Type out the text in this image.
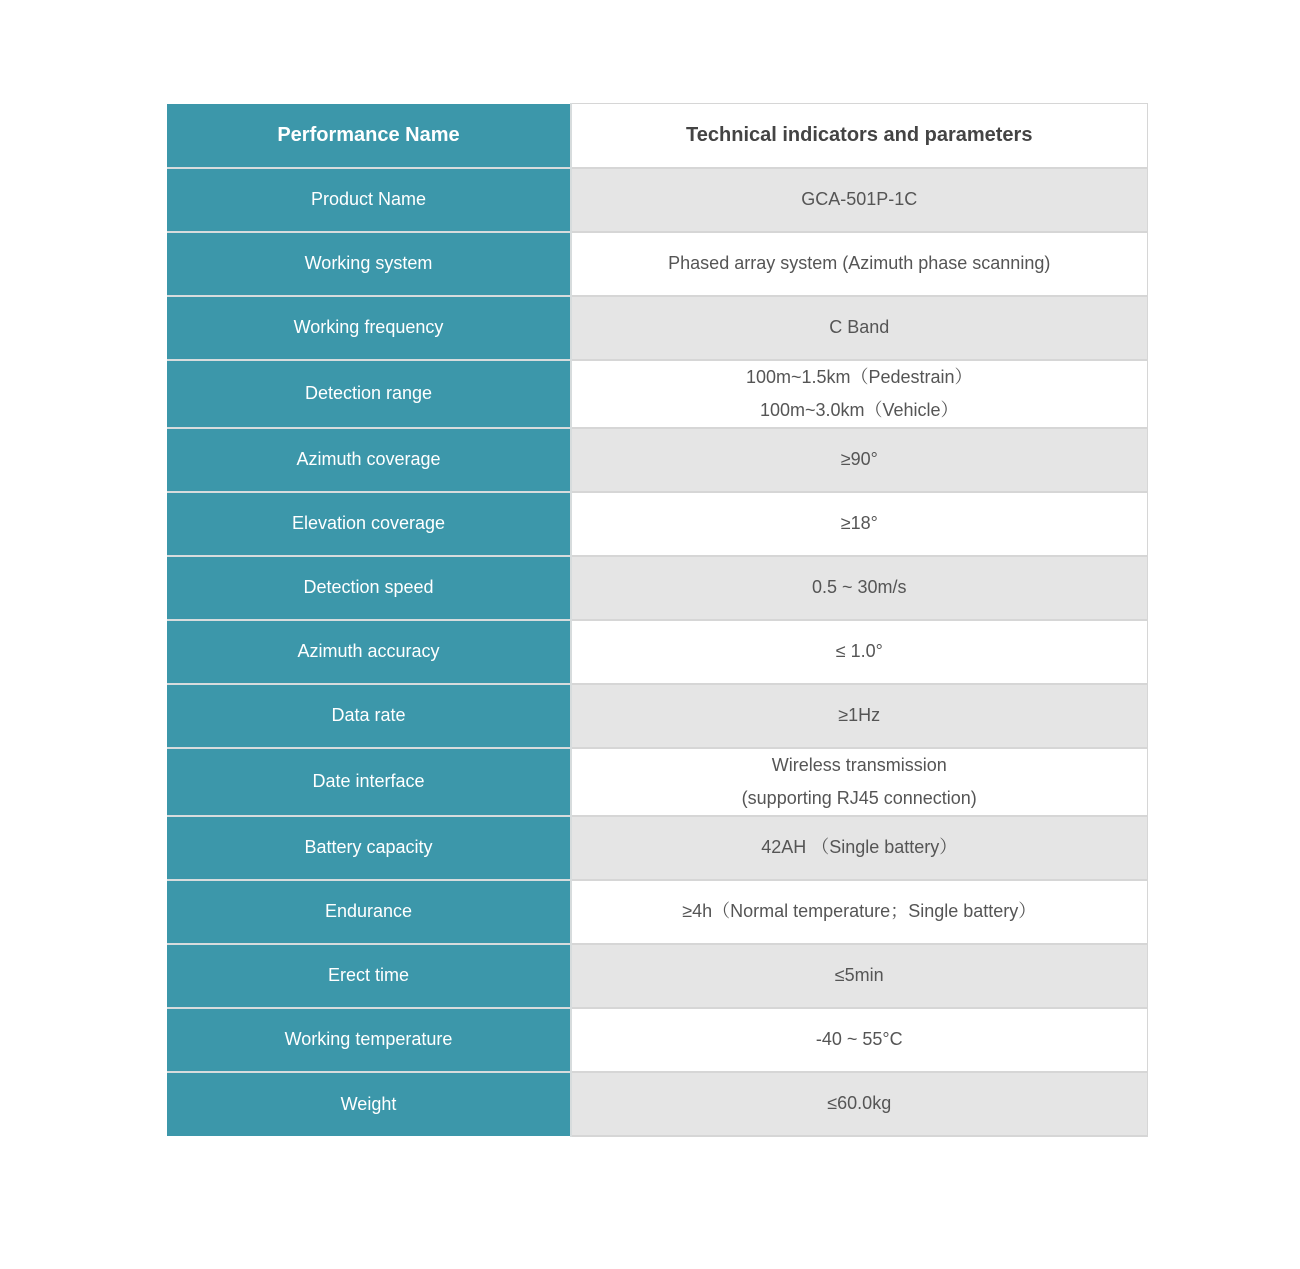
Performance Name	Technical indicators and parameters
Product Name	GCA-501P-1C

Working system	Phased array system (Azimuth phase scanning)

Working frequency	C Band

Detection range	100m~1.5km（Pedestrain）
100m~3.0km（Vehicle）

Azimuth coverage	≥90°

Elevation coverage	≥18°

Detection speed	0.5 ~ 30m/s

Azimuth accuracy	≤ 1.0°

Data rate	≥1Hz

Date interface	Wireless transmission
(supporting RJ45 connection)

Battery capacity	42AH （Single battery）

Endurance	≥4h（Normal temperature；Single battery）

Erect time	≤5min

Working temperature	-40 ~ 55°C

Weight	≤60.0kg
